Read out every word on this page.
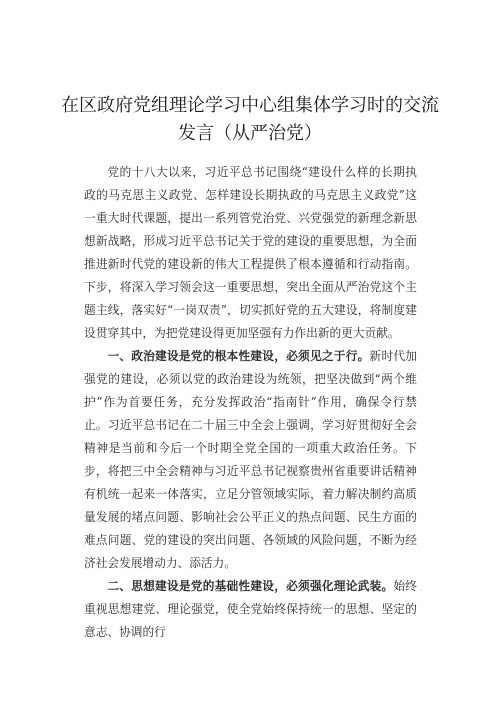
在区政府党组理论学习中心组集体学习时的交流发言（从严治党）

党的十八大以来，习近平总书记围绕“建设什么样的长期执政的马克思主义政党、怎样建设长期执政的马克思主义政党”这一重大时代课题，提出一系列管党治党、兴党强党的新理念新思想新战略，形成习近平总书记关于党的建设的重要思想，为全面推进新时代党的建设新的伟大工程提供了根本遵循和行动指南。下步，将深入学习领会这一重要思想，突出全面从严治党这个主题主线，落实好“一岗双责”，切实抓好党的五大建设，将制度建设贯穿其中，为把党建设得更加坚强有力作出新的更大贡献。

一、政治建设是党的根本性建设，必须见之于行。新时代加强党的建设，必须以党的政治建设为统领，把坚决做到“两个维护”作为首要任务，充分发挥政治“指南针”作用，确保令行禁止。习近平总书记在二十届三中全会上强调，学习好贯彻好全会精神是当前和今后一个时期全党全国的一项重大政治任务。下步，将把三中全会精神与习近平总书记视察贵州省重要讲话精神有机统一起来一体落实，立足分管领域实际，着力解决制约高质量发展的堵点问题、影响社会公平正义的热点问题、民生方面的难点问题、党的建设的突出问题、各领域的风险问题，不断为经济社会发展增动力、添活力。

二、思想建设是党的基础性建设，必须强化理论武装。始终重视思想建党、理论强党，使全党始终保持统一的思想、坚定的意志、协调的行
